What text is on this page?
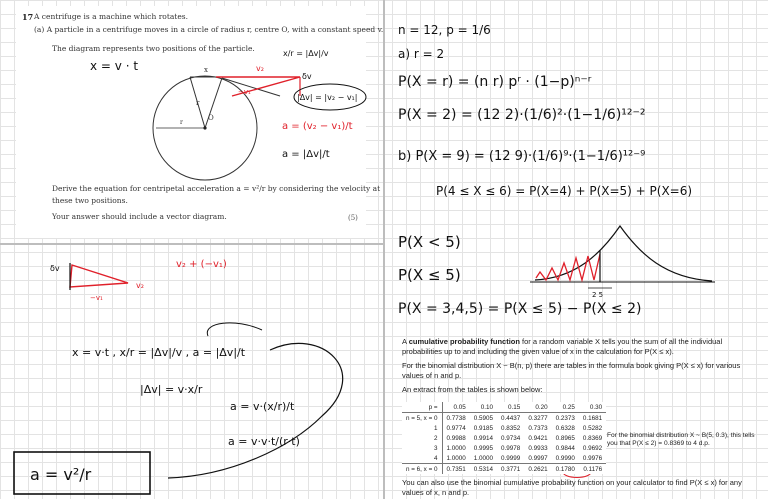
17 A centrifuge is a machine which rotates.
(a) A particle in a centrifuge moves in a circle of radius r, centre O, with a constant speed v.
The diagram represents two positions of the particle.
Derive the equation for centripetal acceleration a = v²/r by considering the velocity at
these two positions.
Your answer should include a vector diagram.	(5)
O
r
r
x	v₂
−v₁
δv
x = v · t
x/r = |Δv|/v
|Δv| = |v₂ − v₁|
a = (v₂ − v₁)/t
a = |Δv|/t
δv
−v₁
v₂
v₂ + (−v₁)
x = v·t , x/r = |Δv|/v , a = |Δv|/t
|Δv| = v·x/r
a = v·(x/r)/t
a = v·v·t/(r·t)
a = v²/r
n = 12, p = 1/6
a) r = 2
P(X = r) = (n r) pʳ · (1−p)ⁿ⁻ʳ
P(X = 2) = (12 2)·(1/6)²·(1−1/6)¹²⁻²
b) P(X = 9) = (12 9)·(1/6)⁹·(1−1/6)¹²⁻⁹
P(4 ≤ X ≤ 6) = P(X=4) + P(X=5) + P(X=6)
P(X < 5)
P(X ≤ 5)
P(X = 3,4,5) = P(X ≤ 5) − P(X ≤ 2)
2 5

A cumulative probability function for a random variable X tells you the sum of all the individual probabilities up to and including the given value of x in the calculation for P(X ≤ x).

For the binomial distribution X ~ B(n, p) there are tables in the formula book giving P(X ≤ x) for various values of n and p.

An extract from the tables is shown below:

p =	0.05	0.10	0.15	0.20	0.25	0.30
n = 5, x = 0	0.7738	0.5905	0.4437	0.3277	0.2373	0.1681
1	0.9774	0.9185	0.8352	0.7373	0.6328	0.5282
2	0.9988	0.9914	0.9734	0.9421	0.8965	0.8369
3	1.0000	0.9995	0.9978	0.9933	0.9844	0.9692
4	1.0000	1.0000	0.9999	0.9997	0.9990	0.9976
n = 6, x = 0	0.7351	0.5314	0.3771	0.2621	0.1780	0.1176
For the binomial distribution X ~ B(5, 0.3), this tells you that P(X ≤ 2) = 0.8369 to 4 d.p.
You can also use the binomial cumulative probability function on your calculator to find P(X ≤ x) for any values of x, n and p.
